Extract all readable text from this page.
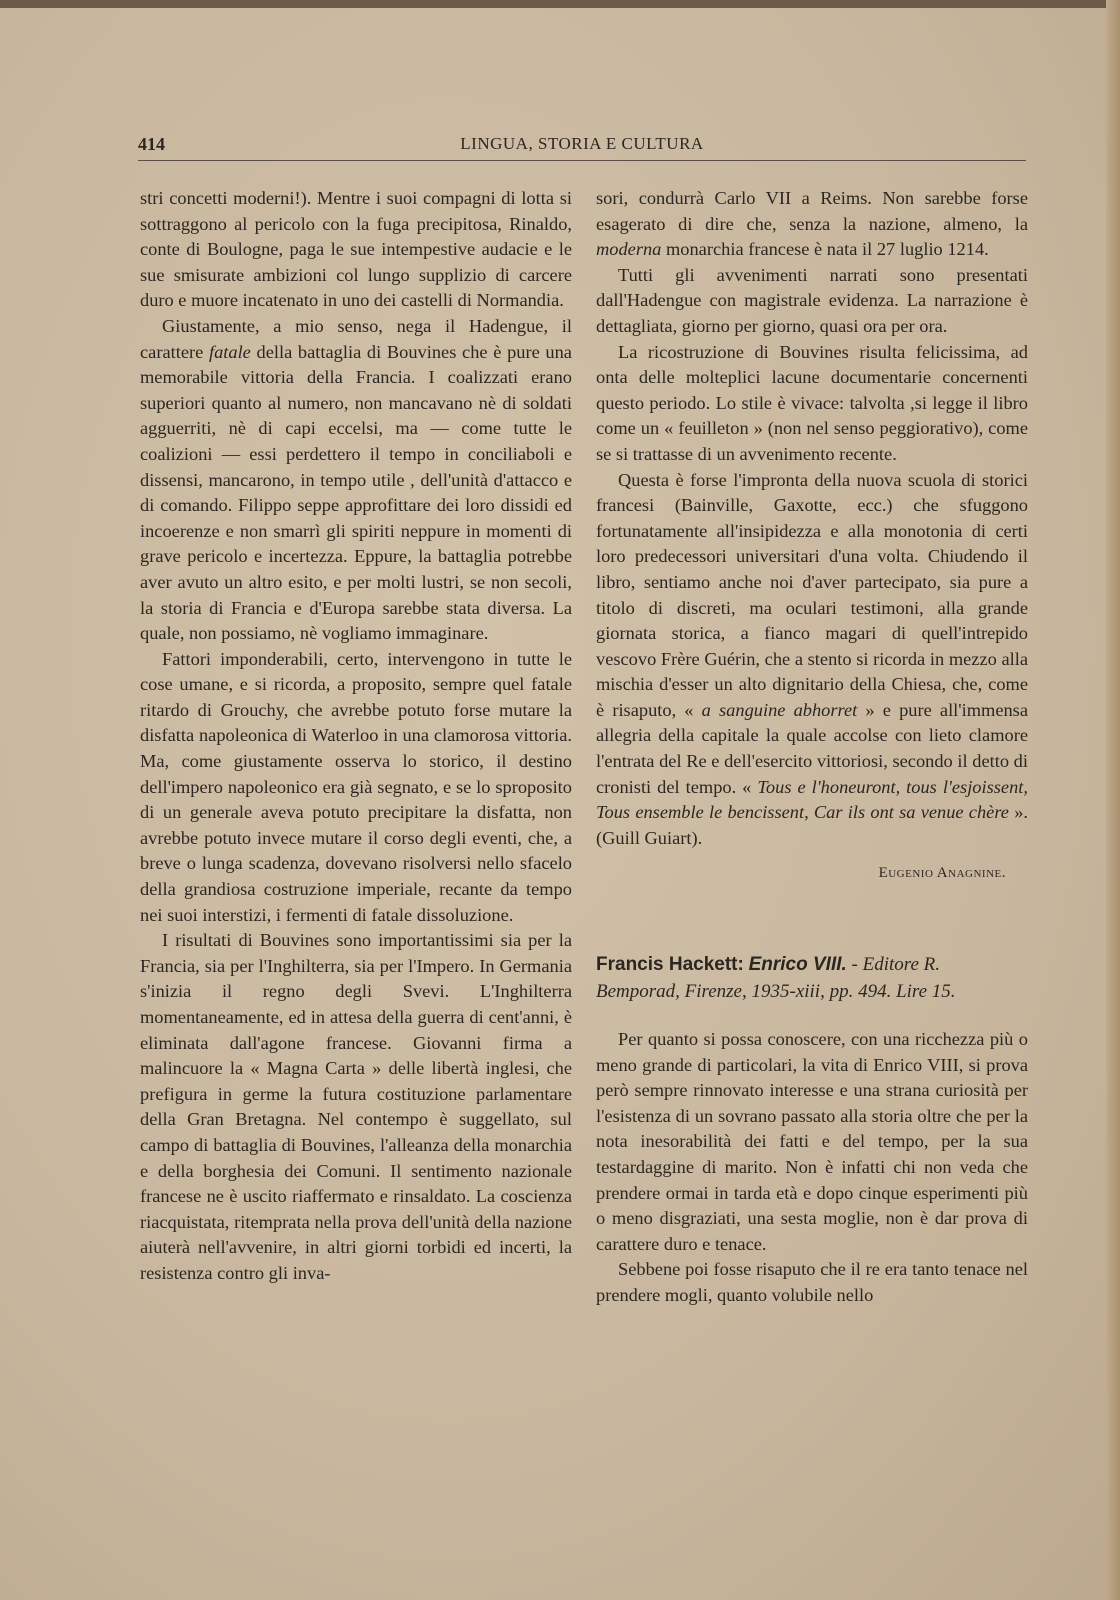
414	LINGUA, STORIA E CULTURA

stri concetti moderni!). Mentre i suoi compagni di lotta si sottraggono al pericolo con la fuga precipitosa, Rinaldo, conte di Boulogne, paga le sue intempestive audacie e le sue smisurate ambizioni col lungo supplizio di carcere duro e muore incatenato in uno dei castelli di Normandia.

Giustamente, a mio senso, nega il Hadengue, il carattere fatale della battaglia di Bouvines che è pure una memorabile vittoria della Francia. I coalizzati erano superiori quanto al numero, non mancavano nè di soldati agguerriti, nè di capi eccelsi, ma — come tutte le coalizioni — essi perdettero il tempo in conciliaboli e dissensi, mancarono, in tempo utile , dell'unità d'attacco e di comando. Filippo seppe approfittare dei loro dissidi ed incoerenze e non smarrì gli spiriti neppure in momenti di grave pericolo e incertezza. Eppure, la battaglia potrebbe aver avuto un altro esito, e per molti lustri, se non secoli, la storia di Francia e d'Europa sarebbe stata diversa. La quale, non possiamo, nè vogliamo immaginare.

Fattori imponderabili, certo, intervengono in tutte le cose umane, e si ricorda, a proposito, sempre quel fatale ritardo di Grouchy, che avrebbe potuto forse mutare la disfatta napoleonica di Waterloo in una clamorosa vittoria. Ma, come giustamente osserva lo storico, il destino dell'impero napoleonico era già segnato, e se lo sproposito di un generale aveva potuto precipitare la disfatta, non avrebbe potuto invece mutare il corso degli eventi, che, a breve o lunga scadenza, dovevano risolversi nello sfacelo della grandiosa costruzione imperiale, recante da tempo nei suoi interstizi, i fermenti di fatale dissoluzione.

I risultati di Bouvines sono importantissimi sia per la Francia, sia per l'Inghilterra, sia per l'Impero. In Germania s'inizia il regno degli Svevi. L'Inghilterra momentaneamente, ed in attesa della guerra di cent'anni, è eliminata dall'agone francese. Giovanni firma a malincuore la « Magna Carta » delle libertà inglesi, che prefigura in germe la futura costituzione parlamentare della Gran Bretagna. Nel contempo è suggellato, sul campo di battaglia di Bouvines, l'alleanza della monarchia e della borghesia dei Comuni. Il sentimento nazionale francese ne è uscito riaffermato e rinsaldato. La coscienza riacquistata, ritemprata nella prova dell'unità della nazione aiuterà nell'avvenire, in altri giorni torbidi ed incerti, la resistenza contro gli inva-

sori, condurrà Carlo VII a Reims. Non sarebbe forse esagerato di dire che, senza la nazione, almeno, la moderna monarchia francese è nata il 27 luglio 1214.

Tutti gli avvenimenti narrati sono presentati dall'Hadengue con magistrale evidenza. La narrazione è dettagliata, giorno per giorno, quasi ora per ora.

La ricostruzione di Bouvines risulta felicissima, ad onta delle molteplici lacune documentarie concernenti questo periodo. Lo stile è vivace: talvolta ,si legge il libro come un « feuilleton » (non nel senso peggiorativo), come se si trattasse di un avvenimento recente.

Questa è forse l'impronta della nuova scuola di storici francesi (Bainville, Gaxotte, ecc.) che sfuggono fortunatamente all'insipidezza e alla monotonia di certi loro predecessori universitari d'una volta. Chiudendo il libro, sentiamo anche noi d'aver partecipato, sia pure a titolo di discreti, ma oculari testimoni, alla grande giornata storica, a fianco magari di quell'intrepido vescovo Frère Guérin, che a stento si ricorda in mezzo alla mischia d'esser un alto dignitario della Chiesa, che, come è risaputo, « a sanguine abhorret » e pure all'immensa allegria della capitale la quale accolse con lieto clamore l'entrata del Re e dell'esercito vittoriosi, secondo il detto di cronisti del tempo. « Tous e l'honeuront, tous l'esjoissent, Tous ensemble le bencissent, Car ils ont sa venue chère ». (Guill Guiart).

Eugenio Anagnine.
Francis Hackett: Enrico VIII. - Editore R. Bemporad, Firenze, 1935-xiii, pp. 494. Lire 15.

Per quanto si possa conoscere, con una ricchezza più o meno grande di particolari, la vita di Enrico VIII, si prova però sempre rinnovato interesse e una strana curiosità per l'esistenza di un sovrano passato alla storia oltre che per la nota inesorabilità dei fatti e del tempo, per la sua testardaggine di marito. Non è infatti chi non veda che prendere ormai in tarda età e dopo cinque esperimenti più o meno disgraziati, una sesta moglie, non è dar prova di carattere duro e tenace.

Sebbene poi fosse risaputo che il re era tanto tenace nel prendere mogli, quanto volubile nello
